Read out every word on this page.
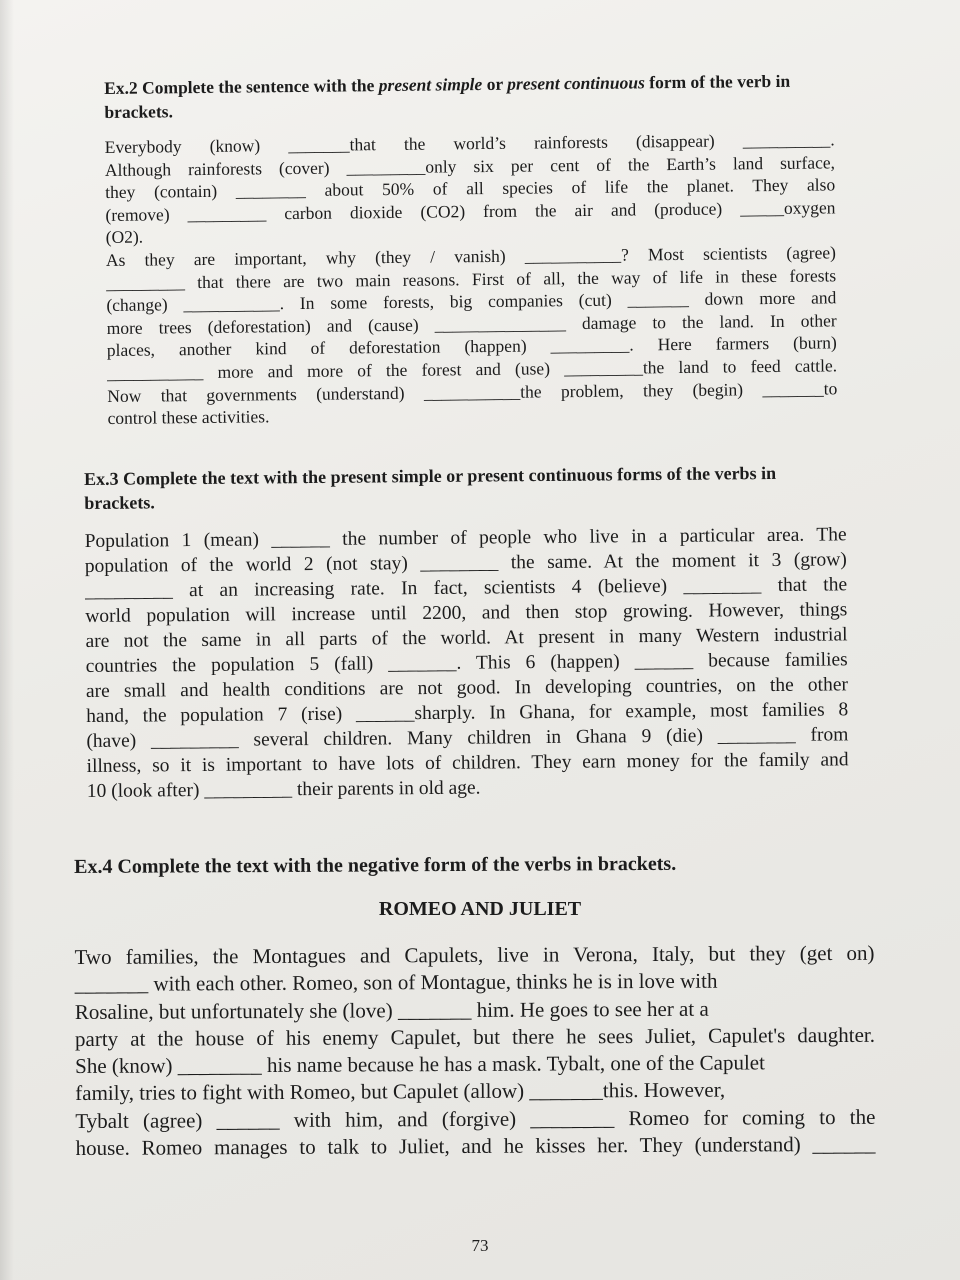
Ex.2 Complete the sentence with the present simple or present continuous form of the verb in brackets.

Everybody (know) _______that the world’s rainforests (disappear) __________.
Although rainforests (cover) _________only six per cent of the Earth’s land surface,
they (contain) ________ about 50% of all species of life the planet. They also
(remove) _________ carbon dioxide (CO2) from the air and (produce) _____oxygen
(O2).
As they are important, why (they / vanish) ___________? Most scientists (agree)
_________ that there are two main reasons. First of all, the way of life in these forests
(change) ___________. In some forests, big companies (cut) _______ down more and
more trees (deforestation) and (cause) _______________ damage to the land. In other
places, another kind of deforestation (happen) _________. Here farmers (burn)
___________ more and more of the forest and (use) _________the land to feed cattle.
Now that governments (understand) ___________the problem, they (begin) _______to
control these activities.

Ex.3 Complete the text with the present simple or present continuous forms of the verbs in brackets.

Population 1 (mean) ______ the number of people who live in a particular area. The
population of the world 2 (not stay) ________ the same. At the moment it 3 (grow)
_________ at an increasing rate. In fact, scientists 4 (believe) ________ that the
world population will increase until 2200, and then stop growing. However, things
are not the same in all parts of the world. At present in many Western industrial
countries the population 5 (fall) _______. This 6 (happen) ______ because families
are small and health conditions are not good. In developing countries, on the other
hand, the population 7 (rise) ______sharply. In Ghana, for example, most families 8
(have) _________ several children. Many children in Ghana 9 (die) ________ from
illness, so it is important to have lots of children. They earn money for the family and
10 (look after) _________ their parents in old age.

Ex.4 Complete the text with the negative form of the verbs in brackets.

Two families, the Montagues and Capulets, live in Verona, Italy, but they (get on)
_______ with each other. Romeo, son of Montague, thinks he is in love with
Rosaline, but unfortunately she (love) _______ him. He goes to see her at a
party at the house of his enemy Capulet, but there he sees Juliet, Capulet's daughter.
She (know) ________ his name because he has a mask. Tybalt, one of the Capulet
family, tries to fight with Romeo, but Capulet (allow) _______this. However,
Tybalt (agree) ______ with him, and (forgive) ________ Romeo for coming to the
house. Romeo manages to talk to Juliet, and he kisses her. They (understand) ______
ROMEO AND JULIET
73
